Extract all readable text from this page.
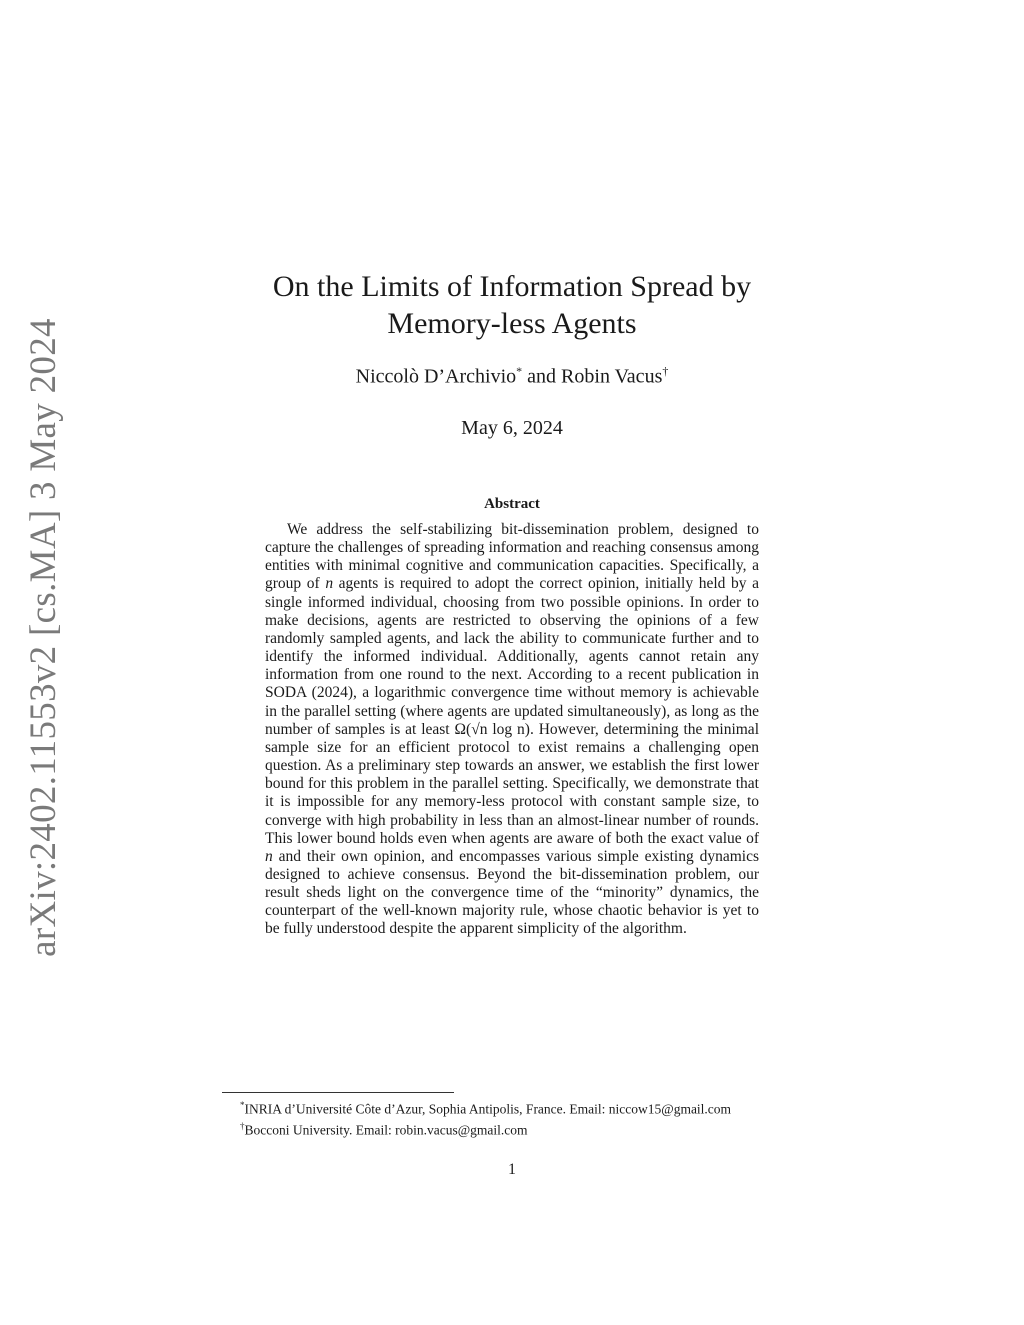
arXiv:2402.11553v2 [cs.MA] 3 May 2024
On the Limits of Information Spread by
Memory-less Agents
Niccolò D’Archivio* and Robin Vacus†
May 6, 2024
Abstract

We address the self-stabilizing bit-dissemination problem, designed to capture the challenges of spreading information and reaching consensus among entities with minimal cognitive and communication capacities. Specifically, a group of n agents is required to adopt the correct opinion, initially held by a single informed individual, choosing from two possible opinions. In order to make decisions, agents are restricted to observing the opinions of a few randomly sampled agents, and lack the ability to communicate further and to identify the informed individual. Additionally, agents cannot retain any information from one round to the next. According to a recent publication in SODA (2024), a logarithmic convergence time without memory is achievable in the parallel setting (where agents are updated simultaneously), as long as the number of samples is at least Ω(√n log n). However, determining the minimal sample size for an efficient protocol to exist remains a challenging open question. As a preliminary step towards an answer, we establish the first lower bound for this problem in the parallel setting. Specifically, we demonstrate that it is impossible for any memory-less protocol with constant sample size, to converge with high probability in less than an almost-linear number of rounds. This lower bound holds even when agents are aware of both the exact value of n and their own opinion, and encompasses various simple existing dynamics designed to achieve consensus. Beyond the bit-dissemination problem, our result sheds light on the convergence time of the “minority” dynamics, the counterpart of the well-known majority rule, whose chaotic behavior is yet to be fully understood despite the apparent simplicity of the algorithm.

*INRIA d’Université Côte d’Azur, Sophia Antipolis, France. Email: niccow15@gmail.com
†Bocconi University. Email: robin.vacus@gmail.com
1
